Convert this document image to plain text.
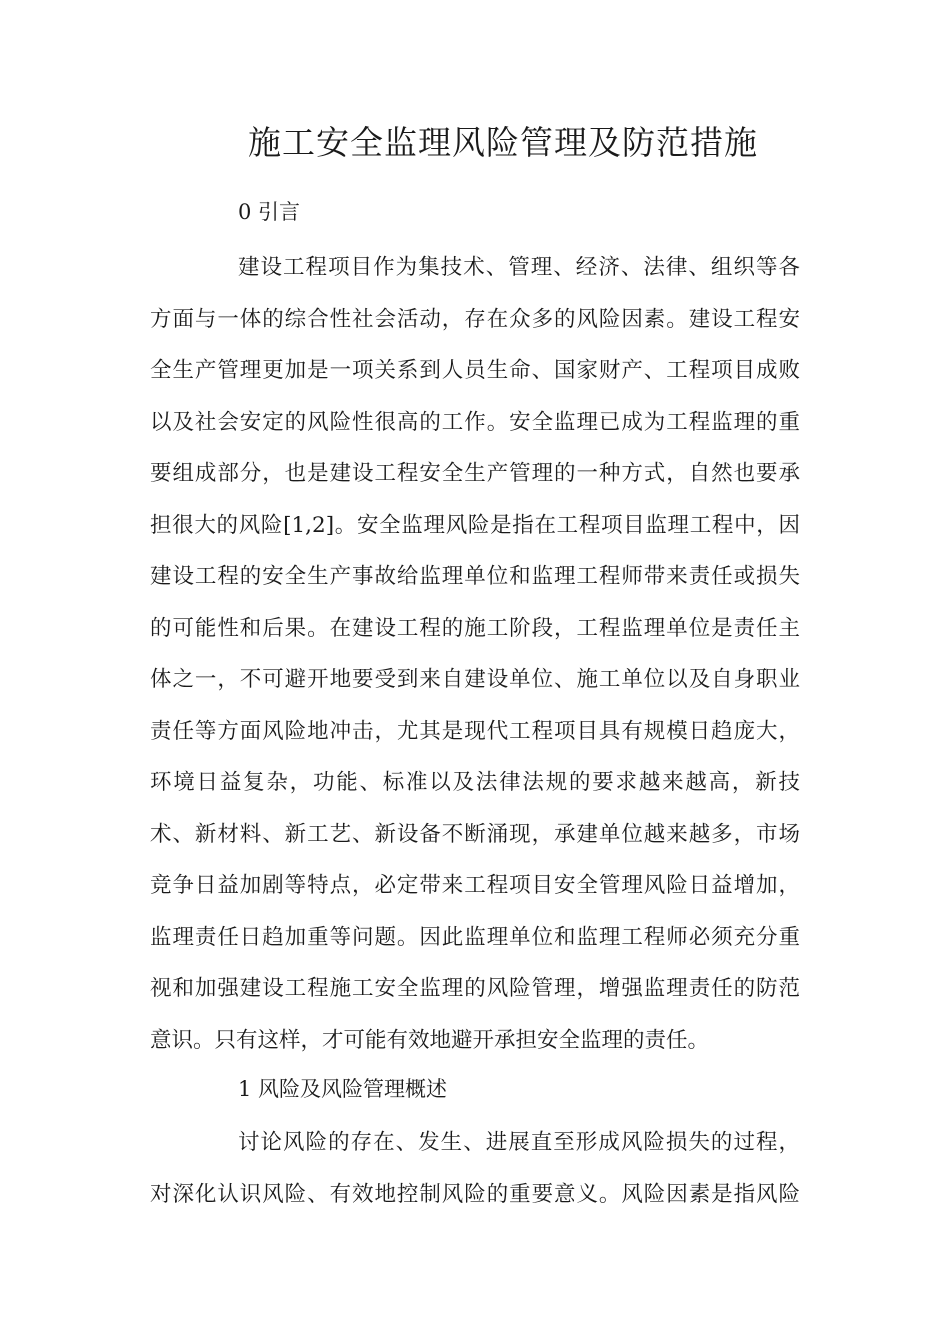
施工安全监理风险管理及防范措施
0 引言
建设工程项目作为集技术、管理、经济、法律、组织等各
方面与一体的综合性社会活动，存在众多的风险因素。建设工程安
全生产管理更加是一项关系到人员生命、国家财产、工程项目成败
以及社会安定的风险性很高的工作。安全监理已成为工程监理的重
要组成部分，也是建设工程安全生产管理的一种方式，自然也要承
担很大的风险[1,2]。安全监理风险是指在工程项目监理工程中，因
建设工程的安全生产事故给监理单位和监理工程师带来责任或损失
的可能性和后果。在建设工程的施工阶段，工程监理单位是责任主
体之一，不可避开地要受到来自建设单位、施工单位以及自身职业
责任等方面风险地冲击，尤其是现代工程项目具有规模日趋庞大，
环境日益复杂，功能、标准以及法律法规的要求越来越高，新技
术、新材料、新工艺、新设备不断涌现，承建单位越来越多，市场
竞争日益加剧等特点，必定带来工程项目安全管理风险日益增加，
监理责任日趋加重等问题。因此监理单位和监理工程师必须充分重
视和加强建设工程施工安全监理的风险管理，增强监理责任的防范
意识。只有这样，才可能有效地避开承担安全监理的责任。
1 风险及风险管理概述
讨论风险的存在、发生、进展直至形成风险损失的过程，
对深化认识风险、有效地控制风险的重要意义。风险因素是指风险
